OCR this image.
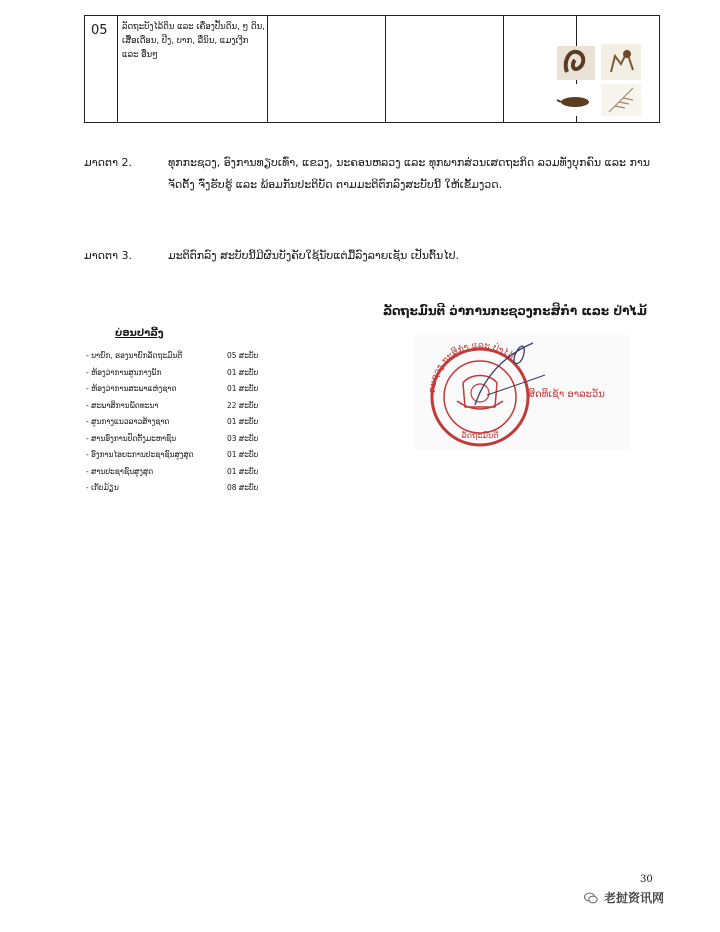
05 ລັດຖະບັງໄລ້ດິນ ແລະ ເຄື່ອງປັ້ນດິນ, ໆ ດິນ, ເສື້ອເດືອນ, ປີງ, ບາກ, ລື່ນິນ, ແມງເງີກ ແລະ ອື່ນໆ
ມາດຕາ 2.	ທຸກກະຊວງ, ອົງການທຽບເທົ່າ, ແຂວງ, ນະຄອນຫລວງ ແລະ ທຸກພາກສ່ວນເສດຖະກິດ ລວມທັງບຸກຄົນ ແລະ ການຈັດຕັ້ງ ຈົ່ງຮັບຮູ້ ແລະ ພ້ອມກັນປະຕິບັດ ຕາມມະຕິຕົກລົງສະບັບນີ້ ໃຫ້ເຂັ້ມງວດ.
ມາດຕາ 3.	ມະຕິຕົກລົງ ສະບັບນີ້ມີຜົນບັງຄັບໃຊ້ນັບແຕ່ມື້ລົງລາຍເຊັນ ເປັນຕົ້ນໄປ.
ລັດຖະມົນຕີ ວ່າການກະຊວງກະສິກຳ ແລະ ປ່າໄມ້
ກະຊວງ ກະສິກຳ ແລະ ປ່າໄມ້
ລັດຖະມົນຕີ
ສິດທິເຊ້າ ອາລະວັນ
ບ່ອນປາລີ້ງ
- ນາຍົກ, ຮອງນາຍົກລັດຖະມົນຕີ	05 ສະບັບ
- ຫ້ອງວ່າການສູນກາງພັກ	01 ສະບັບ
- ຫ້ອງວ່າການສະພາແຫ່ງຊາດ	01 ສະບັບ
- ສະພາສິການພັດທະນາ	22 ສະບັບ
- ສູນກາງແນວລາວສ້າງຊາດ	01 ສະບັບ
- ສານອົງການປົດຕັ້ງມະຫາຊົນ	03 ສະບັບ
- ອົງການໄອຍະການປະຊາຊົນສູງສຸດ	01 ສະບັບ
- ສານປະຊາຊົນສູງສຸດ	01 ສະບັບ
- ເກັບມ້ຽນ	08 ສະບັບ
30
老挝资讯网
